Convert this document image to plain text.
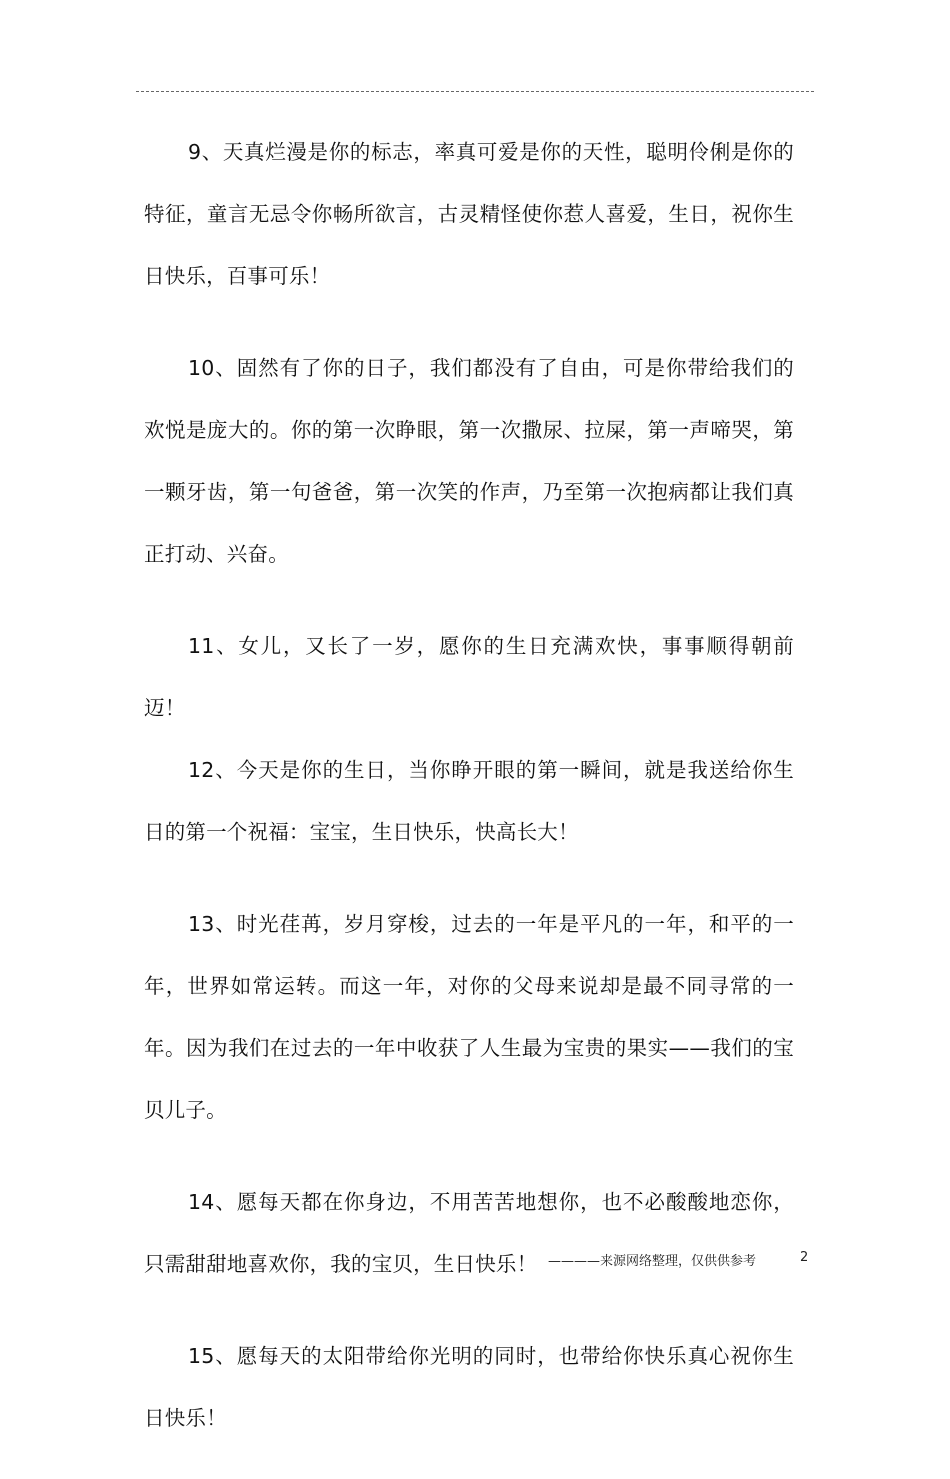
9、天真烂漫是你的标志，率真可爱是你的天性，聪明伶俐是你的特征，童言无忌令你畅所欲言，古灵精怪使你惹人喜爱，生日，祝你生日快乐，百事可乐！

10、固然有了你的日子，我们都没有了自由，可是你带给我们的欢悦是庞大的。你的第一次睁眼，第一次撒尿、拉屎，第一声啼哭，第一颗牙齿，第一句爸爸，第一次笑的作声，乃至第一次抱病都让我们真正打动、兴奋。

11、女儿，又长了一岁，愿你的生日充满欢快，事事顺得朝前迈！

12、今天是你的生日，当你睁开眼的第一瞬间，就是我送给你生日的第一个祝福：宝宝，生日快乐，快高长大！

13、时光荏苒，岁月穿梭，过去的一年是平凡的一年，和平的一年，世界如常运转。而这一年，对你的父母来说却是最不同寻常的一年。因为我们在过去的一年中收获了人生最为宝贵的果实——我们的宝贝儿子。

14、愿每天都在你身边，不用苦苦地想你，也不必酸酸地恋你，只需甜甜地喜欢你，我的宝贝，生日快乐！

15、愿每天的太阳带给你光明的同时，也带给你快乐真心祝你生日快乐！

————来源网络整理，仅供供参考	2
